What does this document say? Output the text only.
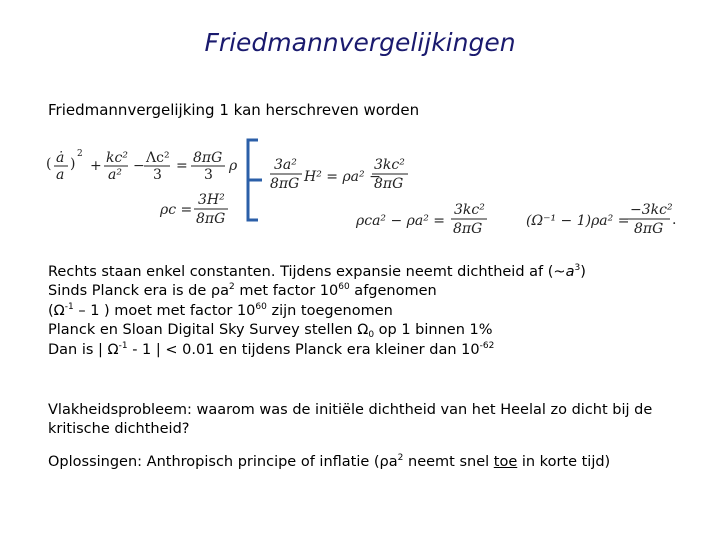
Friedmannvergelijkingen
Friedmannvergelijking 1 kan herschreven worden
( ȧ
a
)
2
+ kc²
a²
− Λc²
3
= 8πG
3
ρ
ρc =
3H²
8πG
3a²
8πG H² = ρa² −
3kc²
8πG
ρca² − ρa² =
3kc²
8πG	(Ω⁻¹ − 1)ρa² =
−3kc²
8πG
.
Rechts staan enkel constanten. Tijdens expansie neemt dichtheid af $(\sim a^3)$
Sinds Planck era is de $\rho a^2$ met factor $10^{60}$ afgenomen
($\Omega^{-1} - 1$ ) moet met factor $10^{60}$ zijn toegenomen
Planck en Sloan Digital Sky Survey stellen $\Omega_0$ op 1 binnen 1%
Dan is | $\Omega^{-1} - 1$ | < 0.01 en tijdens Planck era kleiner dan $10^{-62}$
Vlakheidsprobleem: waarom was de initiële dichtheid van het Heelal zo dicht bij de kritische dichtheid?
Oplossingen: Anthropisch principe of inflatie ($\rho a^2$ neemt snel toe in korte tijd)
